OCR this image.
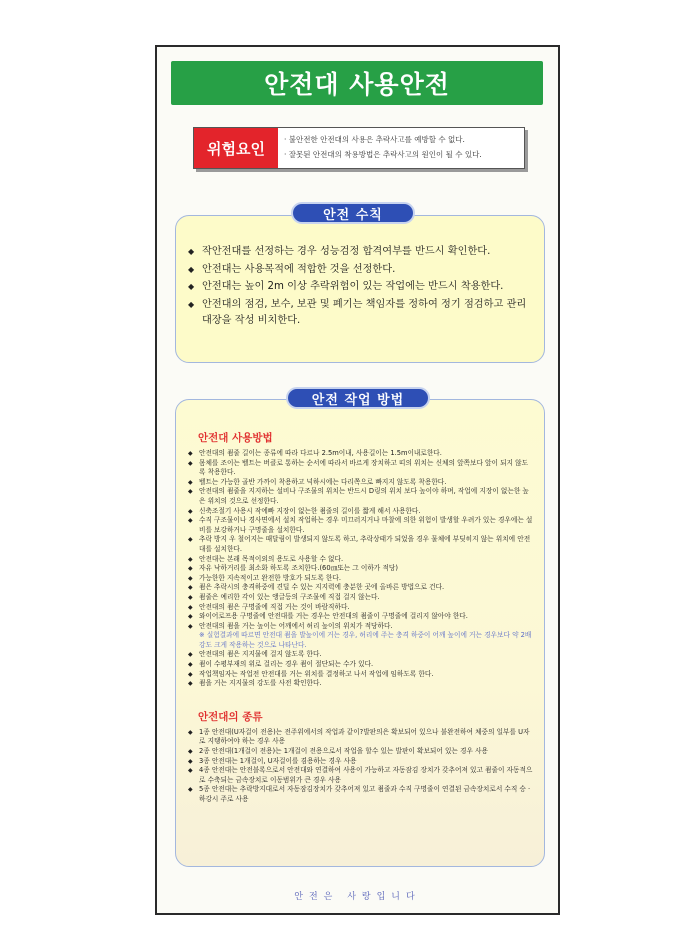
안전대 사용안전
위험요인	· 불안전한 안전대의 사용은 추락사고를 예방할 수 없다.
· 잘못된 안전대의 착용방법은 추락사고의 원인이 될 수 있다.
◆ 작안전대를 선정하는 경우 성능검정 합격여부를 반드시 확인한다.
◆ 안전대는 사용목적에 적합한 것을 선정한다.
◆ 안전대는 높이 2m 이상 추락위험이 있는 작업에는 반드시 착용한다.
◆ 안전대의 점검, 보수, 보관 및 폐기는 책임자를 정하여 정기 점검하고 관리대장을 작성 비치한다.
안전 수칙
안전대 사용방법
◆ 안전대의 죔줄 길이는 종류에 따라 다르나 2.5m이내, 사용길이는 1.5m이내로한다.
◆ 몸체를 조이는 벨트는 버클로 통하는 순서에 따라서 바르게 장치하고 띠의 위치는 신체의 앞쪽보다 앞이 되지 않도록 착용한다.
◆ 벨트는 가능한 골반 가까이 착용하고 넉하시에는 다리쪽으로 빠지지 않도록 착용한다.
◆ 안전대의 죔줄을 지지하는 설비나 구조물의 위치는 반드시 D링의 위치 보다 높이야 하며, 작업에 지장이 없는한 높은 위치의 것으로 선정한다.
◆ 신축조절기 사용시 작에빠 지장이 없는한 죔줄의 길이를 짧게 해서 사용한다.
◆ 수직 구조물이나 경사면에서 설치 작업하는 경우 미끄러지거나 마찰에 의한 위험이 발생할 우려가 있는 경우에는 설비를 보강하거나 구명줄을 설치한다.
◆ 추락 방지 우 철어지는 때달림이 발생되지 않도록 하고, 추락상태가 되었을 경우 물체에 부딪히지 않는 위치에 안전대를 설치한다.
◆ 안전대는 본래 목적이외의 용도로 사용할 수 없다.
◆ 자유 낙하거리를 최소화 하도록 조치한다.(60㎝또는 그 이하가 적당)
◆ 가능한한 지속적이고 완전한 방호가 되도록 한다.
◆ 죔은 추락시의 충격하중에 견딜 수 있는 지지력에 충분한 곳에 올바른 방법으로 건다.
◆ 죔줄은 예리한 각이 있는 앵글등의 구조물에 직접 걸지 않는다.
◆ 안전대의 죔은 구명줄에 직접 거는 것이 바람직하다.
◆ 와이어로프용 구명줄에 안전대를 거는 경우는 안전대의 죔줄이 구명줄에 걸리지 않아야 한다.
◆ 안전대의 죔을 거는 높이는 어깨에서 허리 높이의 위치가 적당하다.
※ 실험결과에 따르면 안전대 죔을 발높이에 거는 경우, 허리에 주는 충격 하중이 어깨 높이에 거는 경우보다 약 2배 강도 크게 작용하는 것으로 나타난다.
◆ 안전대의 죔은 지지물에 걸지 않도록 한다.
◆ 죔이 수평부재의 위로 걸리는 경우 죔이 절단되는 수가 있다.
◆ 작업책임자는 작업전 안전대를 거는 위치를 결정하고 나서 작업에 임하도록 한다.
◆ 죔을 거는 지지물의 강도를 사전 확인한다.
안전대의 종류
◆ 1종 안전대(U자걸이 전용)는 전주위에서의 작업과 같이?발판의은 확보되어 있으나 불완전하여 체중의 일부를 U자로 지탱하여야 하는 경우 사용
◆ 2종 안전대(1개걸이 전용)는 1개걸이 전용으로서 작업을 할수 있는 발판이 확보되어 있는 경우 사용
◆ 3종 안전대는 1개걸이, U자걸이를 겸용하는 경우 사용
◆ 4종 안전대는 안전블록으로서 안전대와 연결하여 사용이 가능하고 자동잠김 장치가 갖추어져 있고 죔줄이 자동적으로 수축되는 금속장치로 이동범위가 큰 경우 사용
◆ 5종 안전대는 추락방지대로서 자동잠김장치가 갖추어져 있고 죔줄과 수직 구명줄이 연결된 금속장치로서 수직 승 · 하강시 주로 사용
안전 작업 방법
안전은 사랑입니다
